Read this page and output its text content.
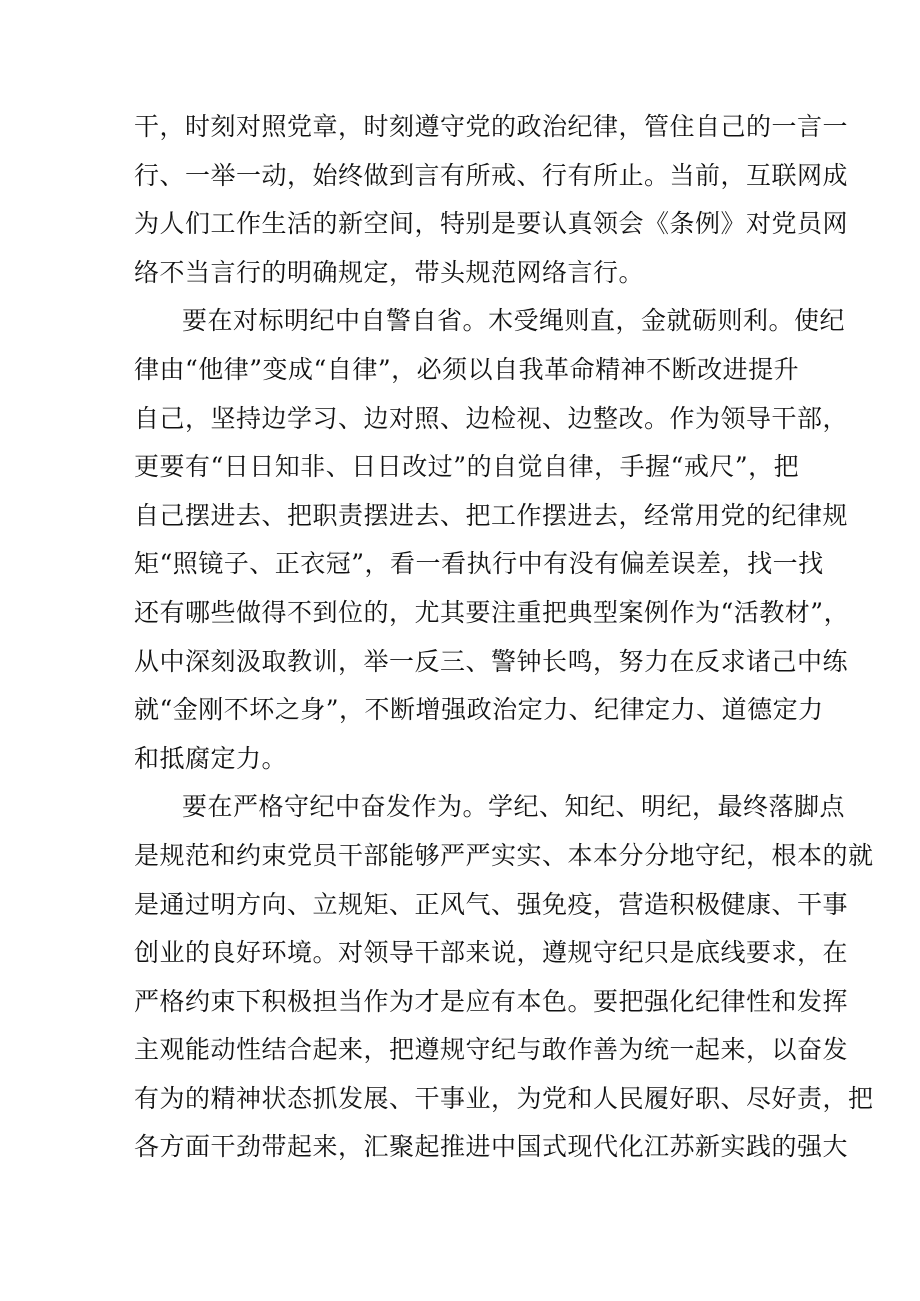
干，时刻对照党章，时刻遵守党的政治纪律，管住自己的一言一
行、一举一动，始终做到言有所戒、行有所止。当前，互联网成
为人们工作生活的新空间，特别是要认真领会《条例》对党员网
络不当言行的明确规定，带头规范网络言行。
要在对标明纪中自警自省。木受绳则直，金就砺则利。使纪
律由“他律”变成“自律”，必须以自我革命精神不断改进提升
自己，坚持边学习、边对照、边检视、边整改。作为领导干部，
更要有“日日知非、日日改过”的自觉自律，手握“戒尺”，把
自己摆进去、把职责摆进去、把工作摆进去，经常用党的纪律规
矩“照镜子、正衣冠”，看一看执行中有没有偏差误差，找一找
还有哪些做得不到位的，尤其要注重把典型案例作为“活教材”，
从中深刻汲取教训，举一反三、警钟长鸣，努力在反求诸己中练
就“金刚不坏之身”，不断增强政治定力、纪律定力、道德定力
和抵腐定力。
要在严格守纪中奋发作为。学纪、知纪、明纪，最终落脚点
是规范和约束党员干部能够严严实实、本本分分地守纪，根本的就
是通过明方向、立规矩、正风气、强免疫，营造积极健康、干事
创业的良好环境。对领导干部来说，遵规守纪只是底线要求，在
严格约束下积极担当作为才是应有本色。要把强化纪律性和发挥
主观能动性结合起来，把遵规守纪与敢作善为统一起来，以奋发
有为的精神状态抓发展、干事业，为党和人民履好职、尽好责，把
各方面干劲带起来，汇聚起推进中国式现代化江苏新实践的强大
